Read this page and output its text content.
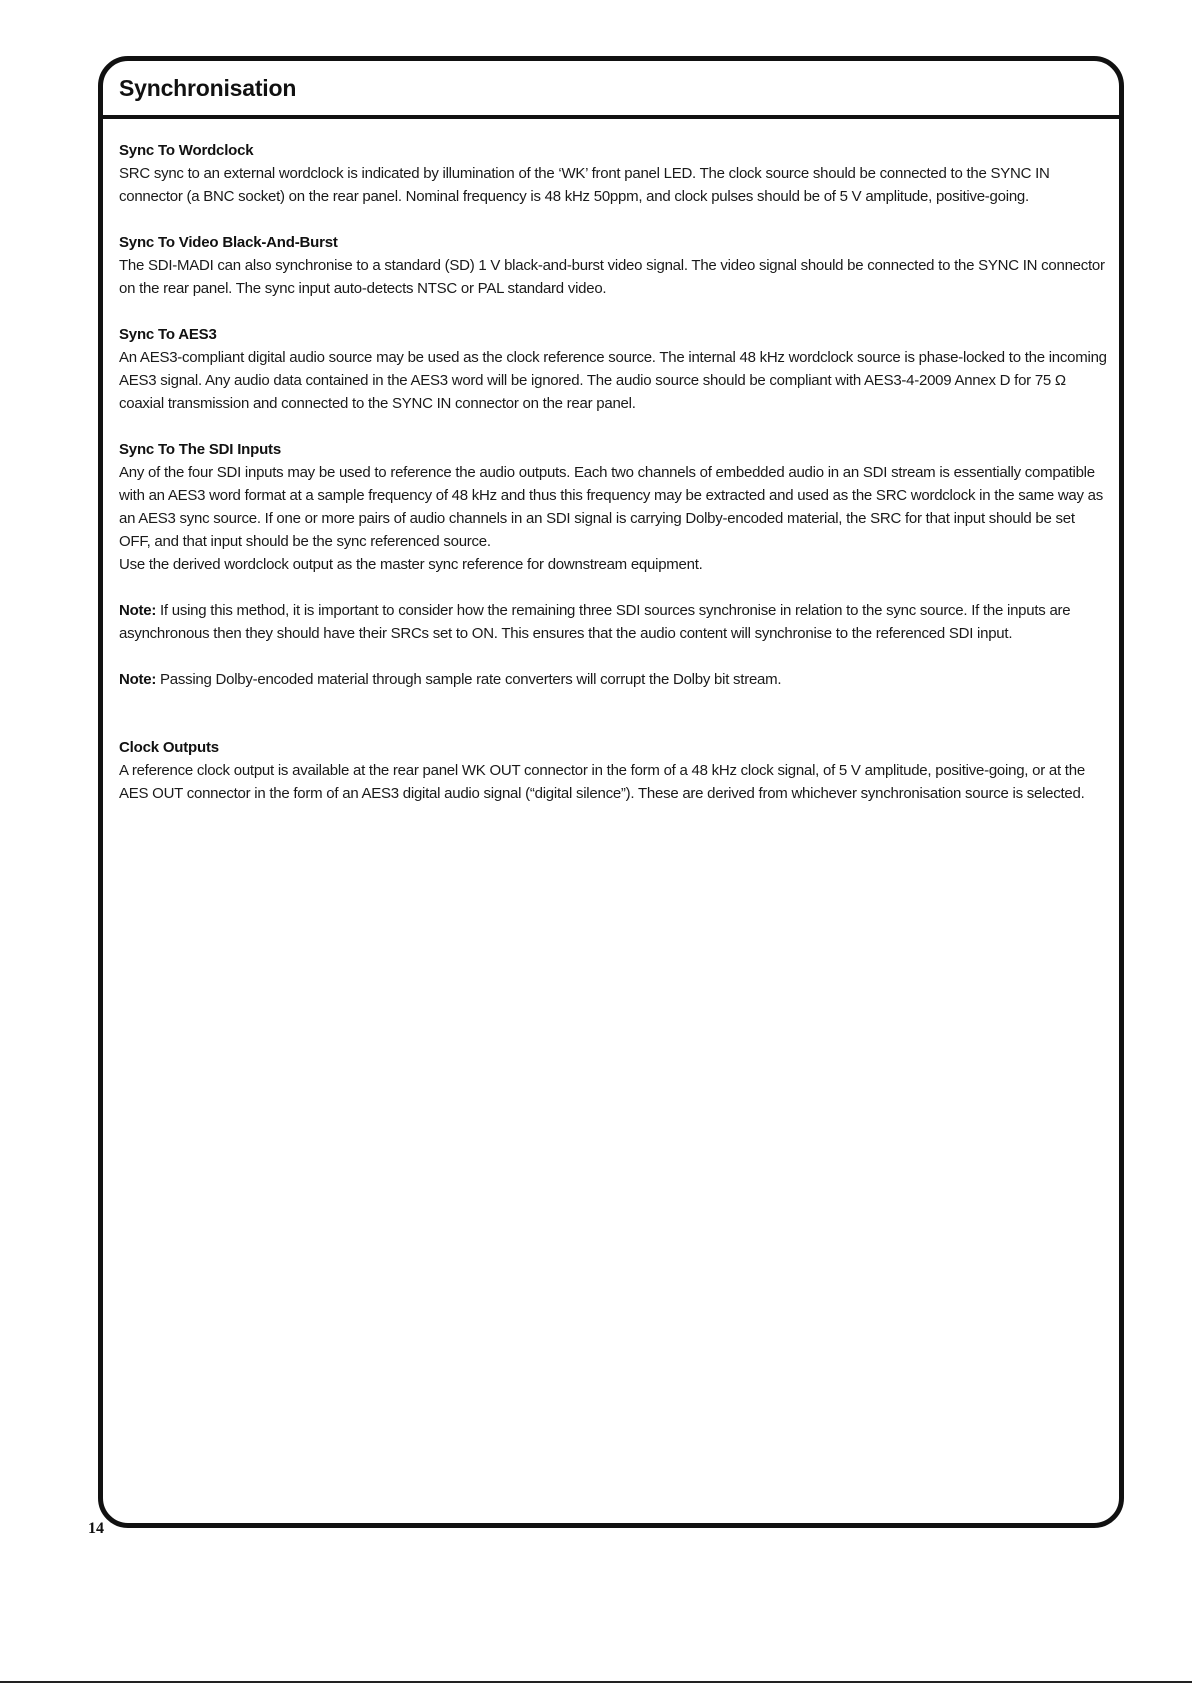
Synchronisation

Sync To Wordclock

SRC sync to an external wordclock is indicated by illumination of the ‘WK’ front panel LED. The clock source should be connected to the SYNC IN connector (a BNC socket) on the rear panel. Nominal frequency is 48 kHz 50ppm, and clock pulses should be of 5 V amplitude, positive-going.

Sync To Video Black-And-Burst

The SDI-MADI can also synchronise to a standard (SD) 1 V black-and-burst video signal. The video signal should be connected to the SYNC IN connector on the rear panel. The sync input auto-detects NTSC or PAL standard video.

Sync To AES3

An AES3-compliant digital audio source may be used as the clock reference source. The internal 48 kHz wordclock source is phase-locked to the incoming AES3 signal. Any audio data contained in the AES3 word will be ignored. The audio source should be compliant with AES3-4-2009 Annex D for 75 Ω coaxial transmission and connected to the SYNC IN connector on the rear panel.

Sync To The SDI Inputs

Any of the four SDI inputs may be used to reference the audio outputs. Each two channels of embedded audio in an SDI stream is essentially compatible with an AES3 word format at a sample frequency of 48 kHz and thus this frequency may be extracted and used as the SRC wordclock in the same way as an AES3 sync source. If one or more pairs of audio channels in an SDI signal is carrying Dolby-encoded material, the SRC for that input should be set OFF, and that input should be the sync referenced source.

Use the derived wordclock output as the master sync reference for downstream equipment.

Note: If using this method, it is important to consider how the remaining three SDI sources synchronise in relation to the sync source. If the inputs are asynchronous then they should have their SRCs set to ON. This ensures that the audio content will synchronise to the referenced SDI input.

Note: Passing Dolby-encoded material through sample rate converters will corrupt the Dolby bit stream.

Clock Outputs

A reference clock output is available at the rear panel WK OUT connector in the form of a 48 kHz clock signal, of 5 V amplitude, positive-going, or at the AES OUT connector in the form of an AES3 digital audio signal (“digital silence”). These are derived from whichever synchronisation source is selected.

14
